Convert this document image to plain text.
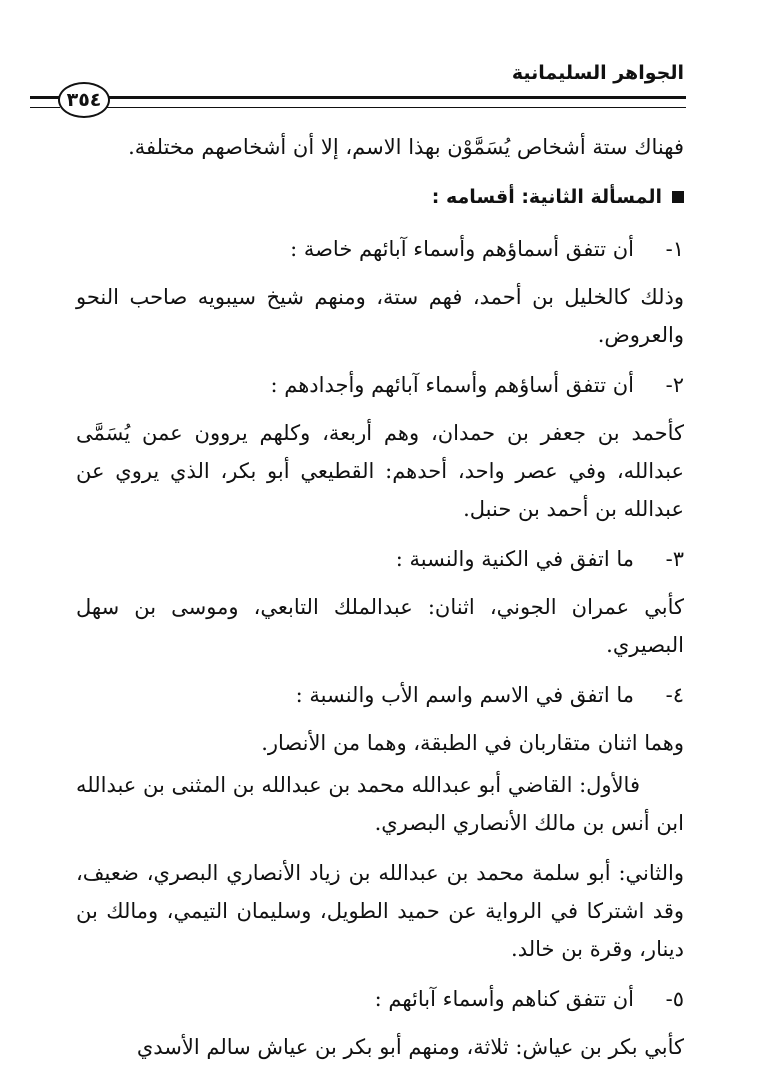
الجواهر السليمانية
٣٥٤

فهناك ستة أشخاص يُسَمَّوْن بهذا الاسم، إلا أن أشخاصهم مختلفة.

المسألة الثانية: أقسامه :
١-
أن تتفق أسماؤهم وأسماء آبائهم خاصة :

وذلك كالخليل بن أحمد، فهم ستة، ومنهم شيخ سيبويه صاحب النحو والعروض.

٢-
أن تتفق أساؤهم وأسماء آبائهم وأجدادهم :

كأحمد بن جعفر بن حمدان، وهم أربعة، وكلهم يروون عمن يُسَمَّى عبدالله، وفي عصر واحد، أحدهم: القطيعي أبو بكر، الذي يروي عن عبدالله بن أحمد بن حنبل.

٣-
ما اتفق في الكنية والنسبة :

كأبي عمران الجوني، اثنان: عبدالملك التابعي، وموسى بن سهل البصيري.

٤-
ما اتفق في الاسم واسم الأب والنسبة :

وهما اثنان متقاربان في الطبقة، وهما من الأنصار.

فالأول: القاضي أبو عبدالله محمد بن عبدالله بن المثنى بن عبدالله ابن أنس بن مالك الأنصاري البصري.

والثاني: أبو سلمة محمد بن عبدالله بن زياد الأنصاري البصري، ضعيف، وقد اشتركا في الرواية عن حميد الطويل، وسليمان التيمي، ومالك بن دينار، وقرة بن خالد.

٥-
أن تتفق كناهم وأسماء آبائهم :

كأبي بكر بن عياش: ثلاثة، ومنهم أبو بكر بن عياش سالم الأسدي
